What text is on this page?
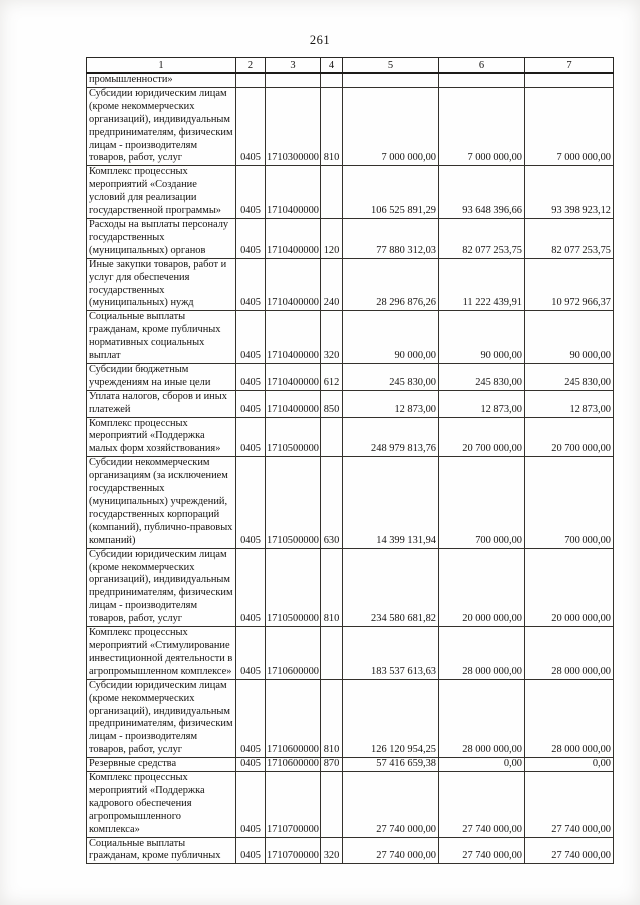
261
1	2	3	4	5	6	7
промышленности»						
Субсидии юридическим лицам (кроме некоммерческих организаций), индивидуальным предпринимателям, физическим лицам - производителям товаров, работ, услуг	0405	1710300000	810	7 000 000,00	7 000 000,00	7 000 000,00
Комплекс процессных мероприятий «Создание условий для реализации государственной программы»	0405	1710400000		106 525 891,29	93 648 396,66	93 398 923,12
Расходы на выплаты персоналу государственных (муниципальных) органов	0405	1710400000	120	77 880 312,03	82 077 253,75	82 077 253,75
Иные закупки товаров, работ и услуг для обеспечения государственных (муниципальных) нужд	0405	1710400000	240	28 296 876,26	11 222 439,91	10 972 966,37
Социальные выплаты гражданам, кроме публичных нормативных социальных выплат	0405	1710400000	320	90 000,00	90 000,00	90 000,00
Субсидии бюджетным учреждениям на иные цели	0405	1710400000	612	245 830,00	245 830,00	245 830,00
Уплата налогов, сборов и иных платежей	0405	1710400000	850	12 873,00	12 873,00	12 873,00
Комплекс процессных мероприятий «Поддержка малых форм хозяйствования»	0405	1710500000		248 979 813,76	20 700 000,00	20 700 000,00
Субсидии некоммерческим организациям (за исключением государственных (муниципальных) учреждений, государственных корпораций (компаний), публично-правовых компаний)	0405	1710500000	630	14 399 131,94	700 000,00	700 000,00
Субсидии юридическим лицам (кроме некоммерческих организаций), индивидуальным предпринимателям, физическим лицам - производителям товаров, работ, услуг	0405	1710500000	810	234 580 681,82	20 000 000,00	20 000 000,00
Комплекс процессных мероприятий «Стимулирование инвестиционной деятельности в агропромышленном комплексе»	0405	1710600000		183 537 613,63	28 000 000,00	28 000 000,00
Субсидии юридическим лицам (кроме некоммерческих организаций), индивидуальным предпринимателям, физическим лицам - производителям товаров, работ, услуг	0405	1710600000	810	126 120 954,25	28 000 000,00	28 000 000,00
Резервные средства	0405	1710600000	870	57 416 659,38	0,00	0,00
Комплекс процессных мероприятий «Поддержка кадрового обеспечения агропромышленного комплекса»	0405	1710700000		27 740 000,00	27 740 000,00	27 740 000,00
Социальные выплаты гражданам, кроме публичных	0405	1710700000	320	27 740 000,00	27 740 000,00	27 740 000,00
